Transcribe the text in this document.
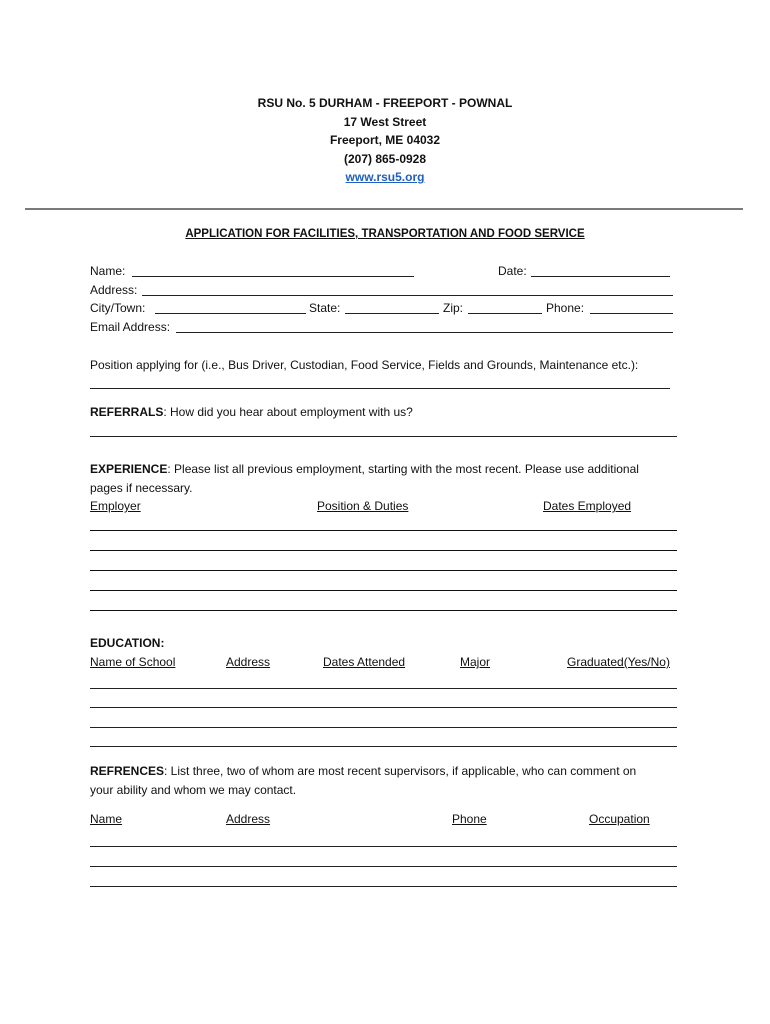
RSU No. 5 DURHAM - FREEPORT - POWNAL
17 West Street
Freeport, ME 04032
(207) 865-0928
www.rsu5.org
APPLICATION FOR FACILITIES, TRANSPORTATION AND FOOD SERVICE
Name:	Date:
Address:
City/Town:	State:	Zip:	Phone:
Email Address:
Position applying for (i.e., Bus Driver, Custodian, Food Service, Fields and Grounds, Maintenance etc.):
REFERRALS: How did you hear about employment with us?
EXPERIENCE: Please list all previous employment, starting with the most recent. Please use additional
pages if necessary.
Employer	Position & Duties	Dates Employed
EDUCATION:
Name of School	Address	Dates Attended	Major	Graduated(Yes/No)
REFRENCES: List three, two of whom are most recent supervisors, if applicable, who can comment on
your ability and whom we may contact.
Name	Address	Phone	Occupation
